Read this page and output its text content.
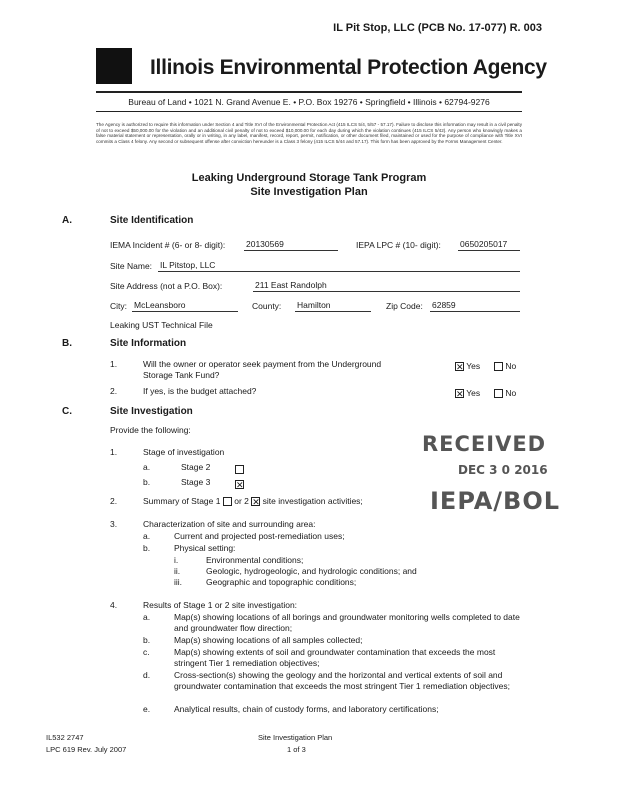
IL Pit Stop, LLC (PCB No. 17-077) R. 003
Illinois Environmental Protection Agency
Bureau of Land • 1021 N. Grand Avenue E. • P.O. Box 19276 • Springfield • Illinois • 62794-9276
The Agency is authorized to require this information under Section 4 and Title XVI of the Environmental Protection Act (415 ILCS 5/4, 5/57 - 57.17). Failure to disclose this information may result in a civil penalty of not to exceed $50,000.00 for the violation and an additional civil penalty of not to exceed $10,000.00 for each day during which the violation continues (415 ILCS 5/42). Any person who knowingly makes a false material statement or representation, orally or in writing, in any label, manifest, record, report, permit, notification, or other document filed, maintained or used for the purpose of compliance with Title XVI commits a Class 4 felony. Any second or subsequent offense after conviction hereunder is a Class 3 felony (415 ILCS 5/44 and 57.17). This form has been approved by the Forms Management Center.
Leaking Underground Storage Tank Program
Site Investigation Plan
A.	Site Identification
IEMA Incident # (6- or 8- digit): 20130569	IEPA LPC # (10- digit): 0650205017
Site Name: IL Pitstop, LLC
Site Address (not a P.O. Box):	211 East Randolph
City: McLeansboro	County: Hamilton	Zip Code: 62859
Leaking UST Technical File
B.	Site Information
1.	Will the owner or operator seek payment from the Underground Storage Tank Fund?
✕ Yes	No
2.	If yes, is the budget attached?	✕ Yes	No
C.	Site Investigation
Provide the following:
1.	Stage of investigation
a.	Stage 2
b.	Stage 3	✕
2.	Summary of Stage 1 or 2 ✕ site investigation activities;
3.	Characterization of site and surrounding area:
a.	Current and projected post-remediation uses;
b.	Physical setting:
i.	Environmental conditions;
ii.	Geologic, hydrogeologic, and hydrologic conditions; and
iii.	Geographic and topographic conditions;
4.	Results of Stage 1 or 2 site investigation:
a.	Map(s) showing locations of all borings and groundwater monitoring wells completed to date and groundwater flow direction;
b.	Map(s) showing locations of all samples collected;
c.	Map(s) showing extents of soil and groundwater contamination that exceeds the most stringent Tier 1 remediation objectives;
d.	Cross-section(s) showing the geology and the horizontal and vertical extents of soil and groundwater contamination that exceeds the most stringent Tier 1 remediation objectives;
e.	Analytical results, chain of custody forms, and laboratory certifications;
RECEIVED
DEC 3 0 2016
IEPA/BOL
IL532 2747
LPC 619 Rev. July 2007
Site Investigation Plan
1 of 3
